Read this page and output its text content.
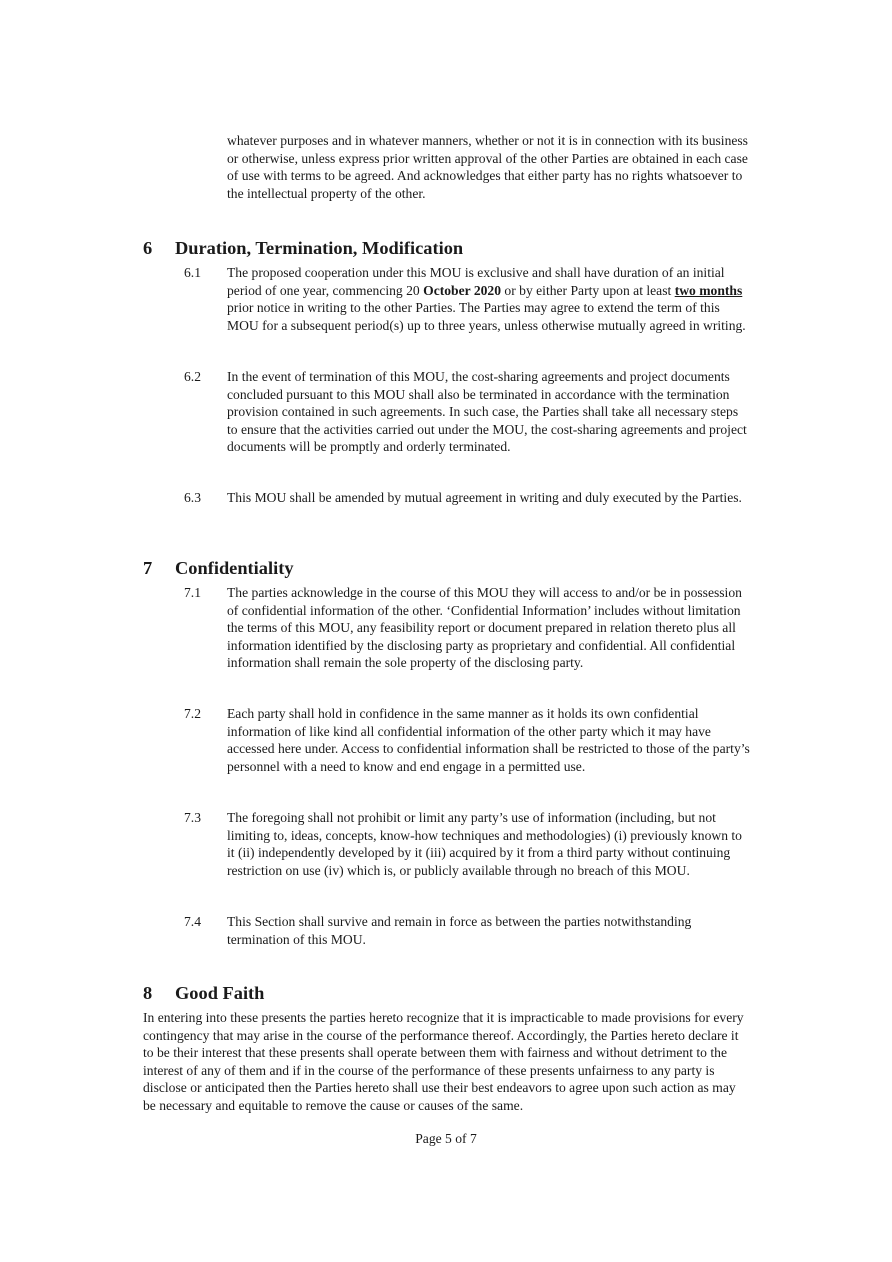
whatever purposes and in whatever manners, whether or not it is in connection with its business or otherwise, unless express prior written approval of the other Parties are obtained in each case of use with terms to be agreed. And acknowledges that either party has no rights whatsoever to the intellectual property of the other.
6 Duration, Termination, Modification
6.1	The proposed cooperation under this MOU is exclusive and shall have duration of an initial period of one year, commencing 20 October 2020 or by either Party upon at least two months prior notice in writing to the other Parties. The Parties may agree to extend the term of this MOU for a subsequent period(s) up to three years, unless otherwise mutually agreed in writing.
6.2	In the event of termination of this MOU, the cost-sharing agreements and project documents concluded pursuant to this MOU shall also be terminated in accordance with the termination provision contained in such agreements. In such case, the Parties shall take all necessary steps to ensure that the activities carried out under the MOU, the cost-sharing agreements and project documents will be promptly and orderly terminated.
6.3	This MOU shall be amended by mutual agreement in writing and duly executed by the Parties.
7 Confidentiality
7.1	The parties acknowledge in the course of this MOU they will access to and/or be in possession of confidential information of the other. ‘Confidential Information’ includes without limitation the terms of this MOU, any feasibility report or document prepared in relation thereto plus all information identified by the disclosing party as proprietary and confidential. All confidential information shall remain the sole property of the disclosing party.
7.2	Each party shall hold in confidence in the same manner as it holds its own confidential information of like kind all confidential information of the other party which it may have accessed here under. Access to confidential information shall be restricted to those of the party’s personnel with a need to know and end engage in a permitted use.
7.3	The foregoing shall not prohibit or limit any party’s use of information (including, but not limiting to, ideas, concepts, know-how techniques and methodologies) (i) previously known to it (ii) independently developed by it (iii) acquired by it from a third party without continuing restriction on use (iv) which is, or publicly available through no breach of this MOU.
7.4	This Section shall survive and remain in force as between the parties notwithstanding termination of this MOU.
8 Good Faith
In entering into these presents the parties hereto recognize that it is impracticable to made provisions for every contingency that may arise in the course of the performance thereof. Accordingly, the Parties hereto declare it to be their interest that these presents shall operate between them with fairness and without detriment to the interest of any of them and if in the course of the performance of these presents unfairness to any party is disclose or anticipated then the Parties hereto shall use their best endeavors to agree upon such action as may be necessary and equitable to remove the cause or causes of the same.
Page 5 of 7
